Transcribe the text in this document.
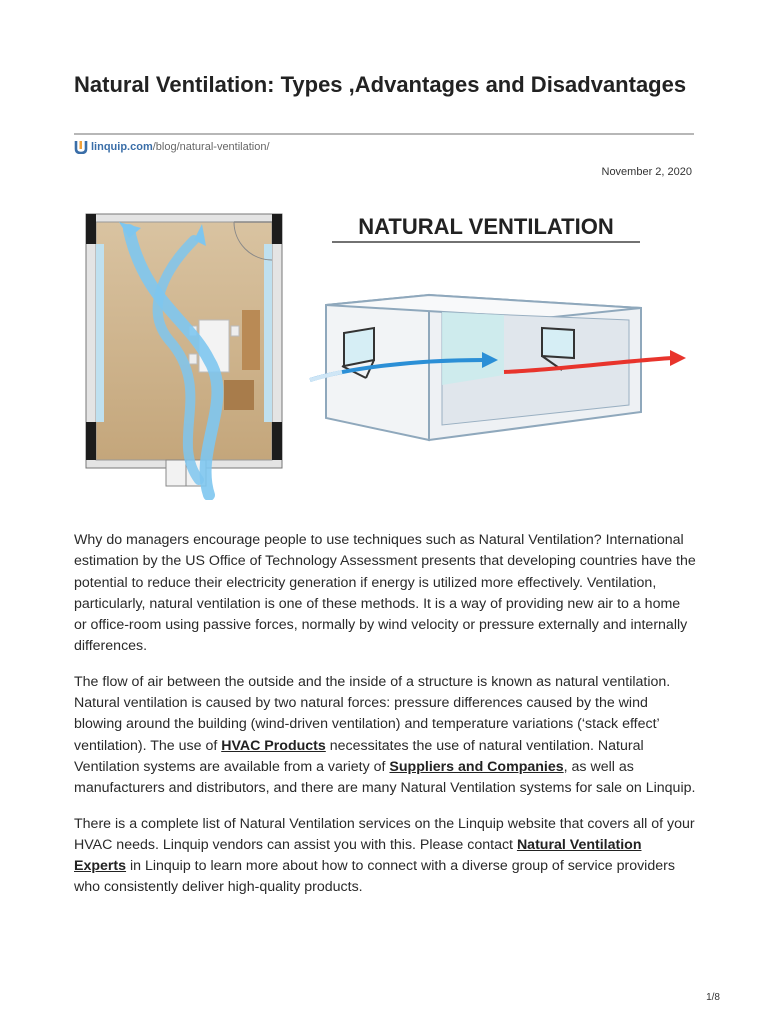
Natural Ventilation: Types ,Advantages and Disadvantages
linquip.com /blog/natural-ventilation/
November 2, 2020
NATURAL VENTILATION

Why do managers encourage people to use techniques such as Natural Ventilation? International estimation by the US Office of Technology Assessment presents that developing countries have the potential to reduce their electricity generation if energy is utilized more effectively. Ventilation, particularly, natural ventilation is one of these methods. It is a way of providing new air to a home or office-room using passive forces, normally by wind velocity or pressure externally and internally differences.

The flow of air between the outside and the inside of a structure is known as natural ventilation. Natural ventilation is caused by two natural forces: pressure differences caused by the wind blowing around the building (wind-driven ventilation) and temperature variations (‘stack effect’ ventilation). The use of HVAC Products necessitates the use of natural ventilation. Natural Ventilation systems are available from a variety of Suppliers and Companies, as well as manufacturers and distributors, and there are many Natural Ventilation systems for sale on Linquip.

There is a complete list of Natural Ventilation services on the Linquip website that covers all of your HVAC needs. Linquip vendors can assist you with this. Please contact Natural Ventilation Experts in Linquip to learn more about how to connect with a diverse group of service providers who consistently deliver high-quality products.

1/8
